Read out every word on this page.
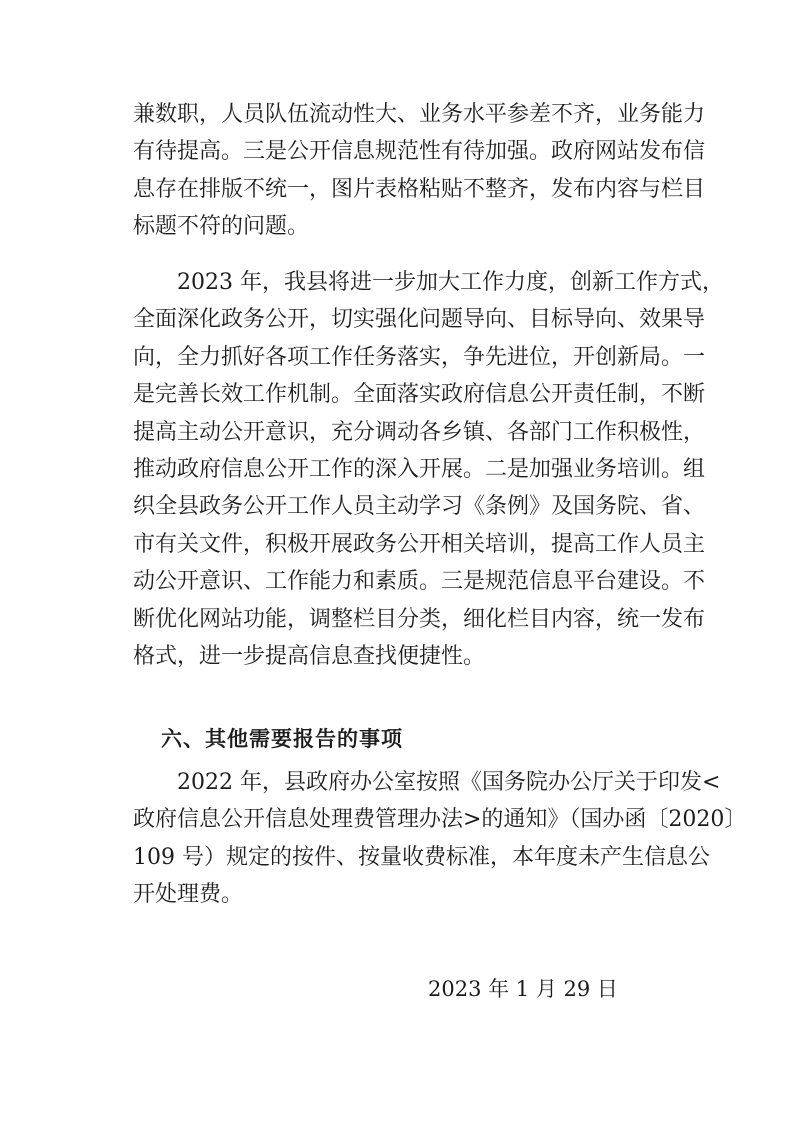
兼数职，人员队伍流动性大、业务水平参差不齐，业务能力
有待提高。三是公开信息规范性有待加强。政府网站发布信
息存在排版不统一，图片表格粘贴不整齐，发布内容与栏目
标题不符的问题。
2023 年，我县将进一步加大工作力度，创新工作方式，
全面深化政务公开，切实强化问题导向、目标导向、效果导
向，全力抓好各项工作任务落实，争先进位，开创新局。一
是完善长效工作机制。全面落实政府信息公开责任制，不断
提高主动公开意识，充分调动各乡镇、各部门工作积极性，
推动政府信息公开工作的深入开展。二是加强业务培训。组
织全县政务公开工作人员主动学习《条例》及国务院、省、
市有关文件，积极开展政务公开相关培训，提高工作人员主
动公开意识、工作能力和素质。三是规范信息平台建设。不
断优化网站功能，调整栏目分类，细化栏目内容，统一发布
格式，进一步提高信息查找便捷性。
六、其他需要报告的事项
2022 年，县政府办公室按照《国务院办公厅关于印发<
政府信息公开信息处理费管理办法>的通知》（国办函〔2020〕
109 号）规定的按件、按量收费标准，本年度未产生信息公
开处理费。
2023 年 1 月 29 日
